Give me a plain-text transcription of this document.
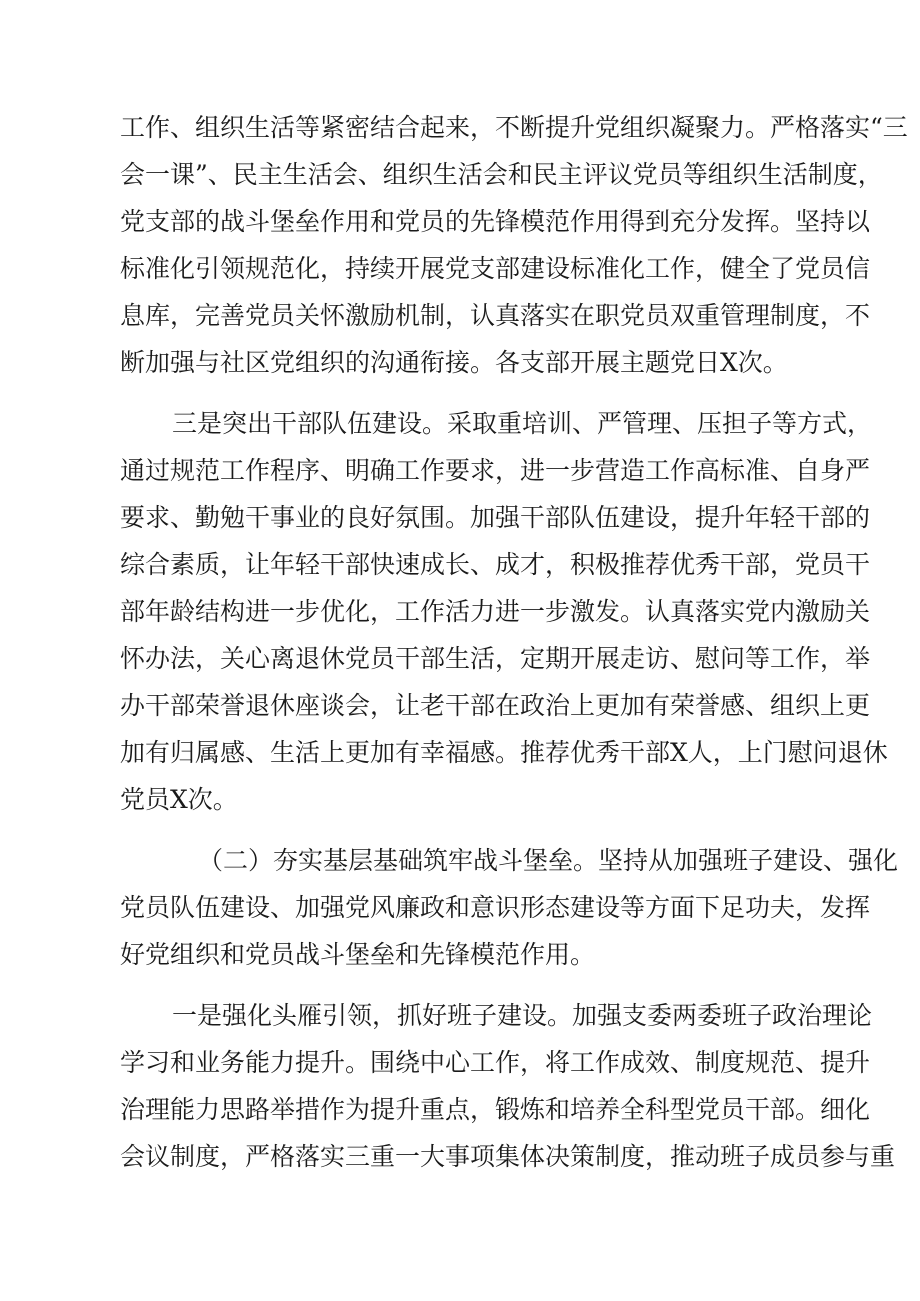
工作、组织生活等紧密结合起来，不断提升党组织凝聚力。严格落实“三
会一课”、民主生活会、组织生活会和民主评议党员等组织生活制度，
党支部的战斗堡垒作用和党员的先锋模范作用得到充分发挥。坚持以
标准化引领规范化，持续开展党支部建设标准化工作，健全了党员信
息库，完善党员关怀激励机制，认真落实在职党员双重管理制度，不
断加强与社区党组织的沟通衔接。各支部开展主题党日X次。
三是突出干部队伍建设。采取重培训、严管理、压担子等方式，
通过规范工作程序、明确工作要求，进一步营造工作高标准、自身严
要求、勤勉干事业的良好氛围。加强干部队伍建设，提升年轻干部的
综合素质，让年轻干部快速成长、成才，积极推荐优秀干部，党员干
部年龄结构进一步优化，工作活力进一步激发。认真落实党内激励关
怀办法，关心离退休党员干部生活，定期开展走访、慰问等工作，举
办干部荣誉退休座谈会，让老干部在政治上更加有荣誉感、组织上更
加有归属感、生活上更加有幸福感。推荐优秀干部X人，上门慰问退休
党员X次。
（二）夯实基层基础筑牢战斗堡垒。坚持从加强班子建设、强化
党员队伍建设、加强党风廉政和意识形态建设等方面下足功夫，发挥
好党组织和党员战斗堡垒和先锋模范作用。
一是强化头雁引领，抓好班子建设。加强支委两委班子政治理论
学习和业务能力提升。围绕中心工作，将工作成效、制度规范、提升
治理能力思路举措作为提升重点，锻炼和培养全科型党员干部。细化
会议制度，严格落实三重一大事项集体决策制度，推动班子成员参与重
